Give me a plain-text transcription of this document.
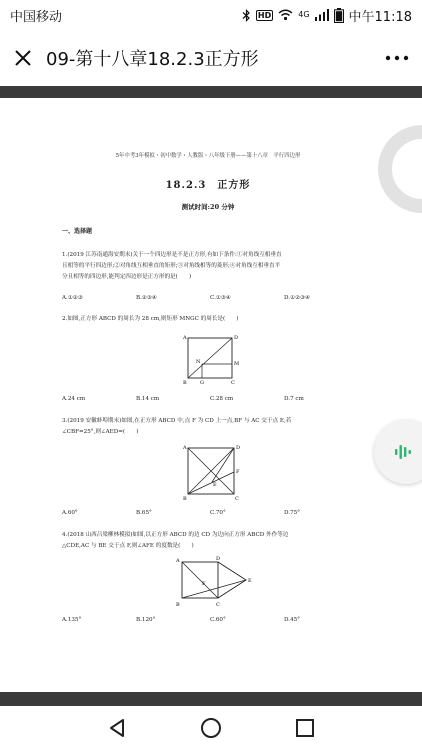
中国移动	HD	4G	中午11:18
09-第十八章18.2.3正方形
5年中考3年模拟・初中数学・人教版・八年级下册——第十八章　平行四边形
18.2.3　正方形
测试时间:20 分钟
一、选择题
1.(2019 江苏南通海安期末)关于一个四边形是不是正方形,有如下条件:①对角线互相垂直
且相等的平行四边形;②对角线互相垂直的矩形;③对角线相等的菱形;④对角线互相垂直平
分且相等的四边形,能判定四边形是正方形的是(　　)
A.①②③	B.②③④	C.①③④	D.①②③④
2.如图,正方形 ABCD 的周长为 28 cm,则矩形 MNGC 的周长是(　　)
A	D
N	M
B	G	C
A.24 cm	B.14 cm	C.28 cm	D.7 cm
3.(2019 安徽蚌埠期末)如图,在正方形 ABCD 中,点 F 为 CD 上一点,BF 与 AC 交于点 E,若
∠CBF=25°,则∠AED=(　　)
A	D
F
E
B	C
A.60°	B.65°	C.70°	D.75°
4.(2018 山西吕梁柳林模拟)如图,以正方形 ABCD 的边 CD 为边向正方形 ABCD 外作等边
△CDE,AC 与 BE 交于点 F,则∠AFE 的度数是(　　)
A	D
F	E
B	C
A.135°	B.120°	C.60°	D.45°
